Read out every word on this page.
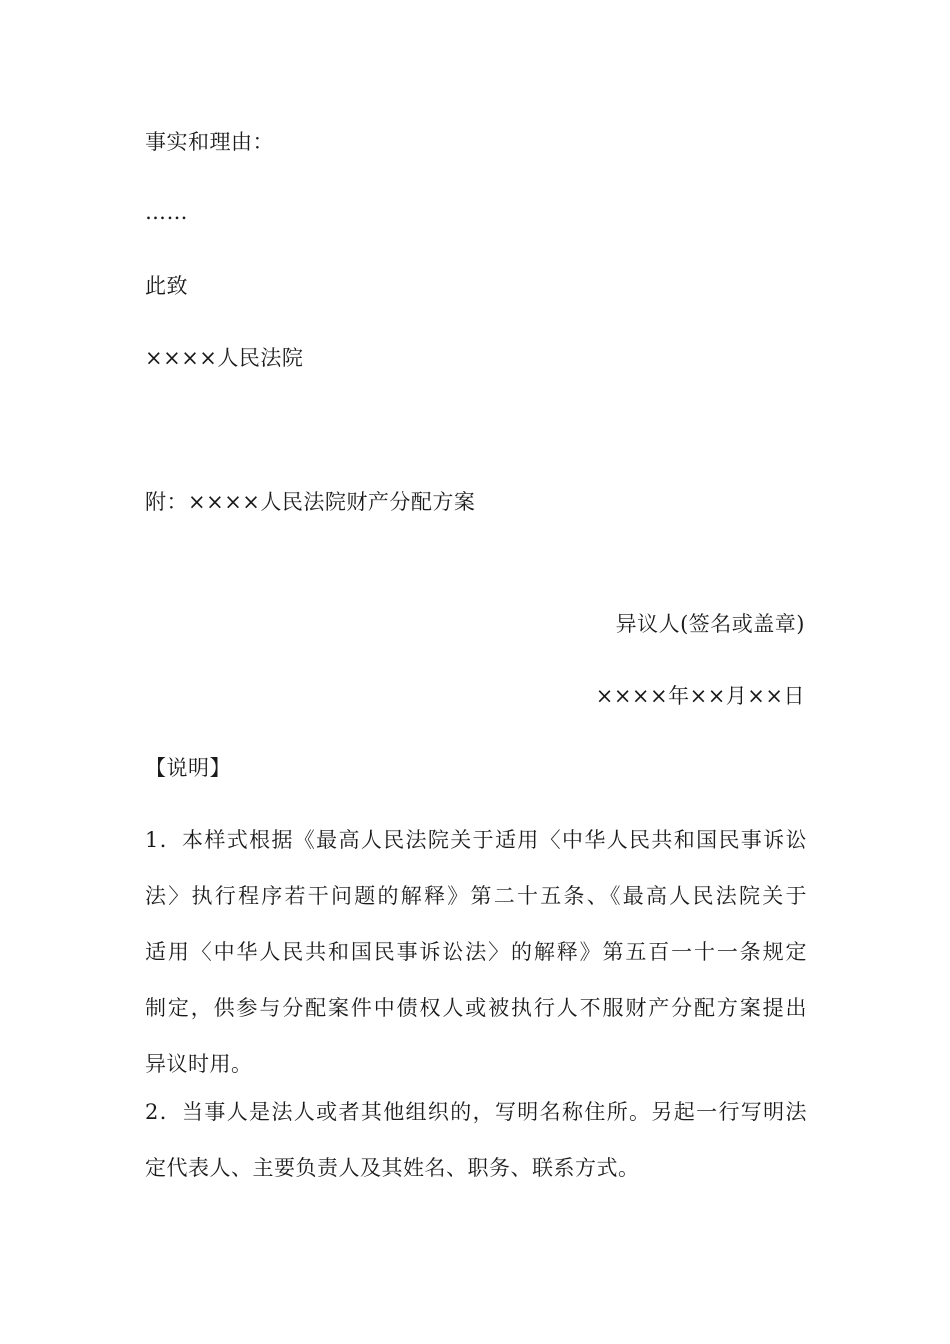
事实和理由：
……
此致
××××人民法院
附：××××人民法院财产分配方案
异议人(签名或盖章)
××××年××月××日
【说明】
1．本样式根据《最高人民法院关于适用〈中华人民共和国民事诉讼
法〉执行程序若干问题的解释》第二十五条、《最高人民法院关于
适用〈中华人民共和国民事诉讼法〉的解释》第五百一十一条规定
制定，供参与分配案件中债权人或被执行人不服财产分配方案提出
异议时用。
2．当事人是法人或者其他组织的，写明名称住所。另起一行写明法
定代表人、主要负责人及其姓名、职务、联系方式。
